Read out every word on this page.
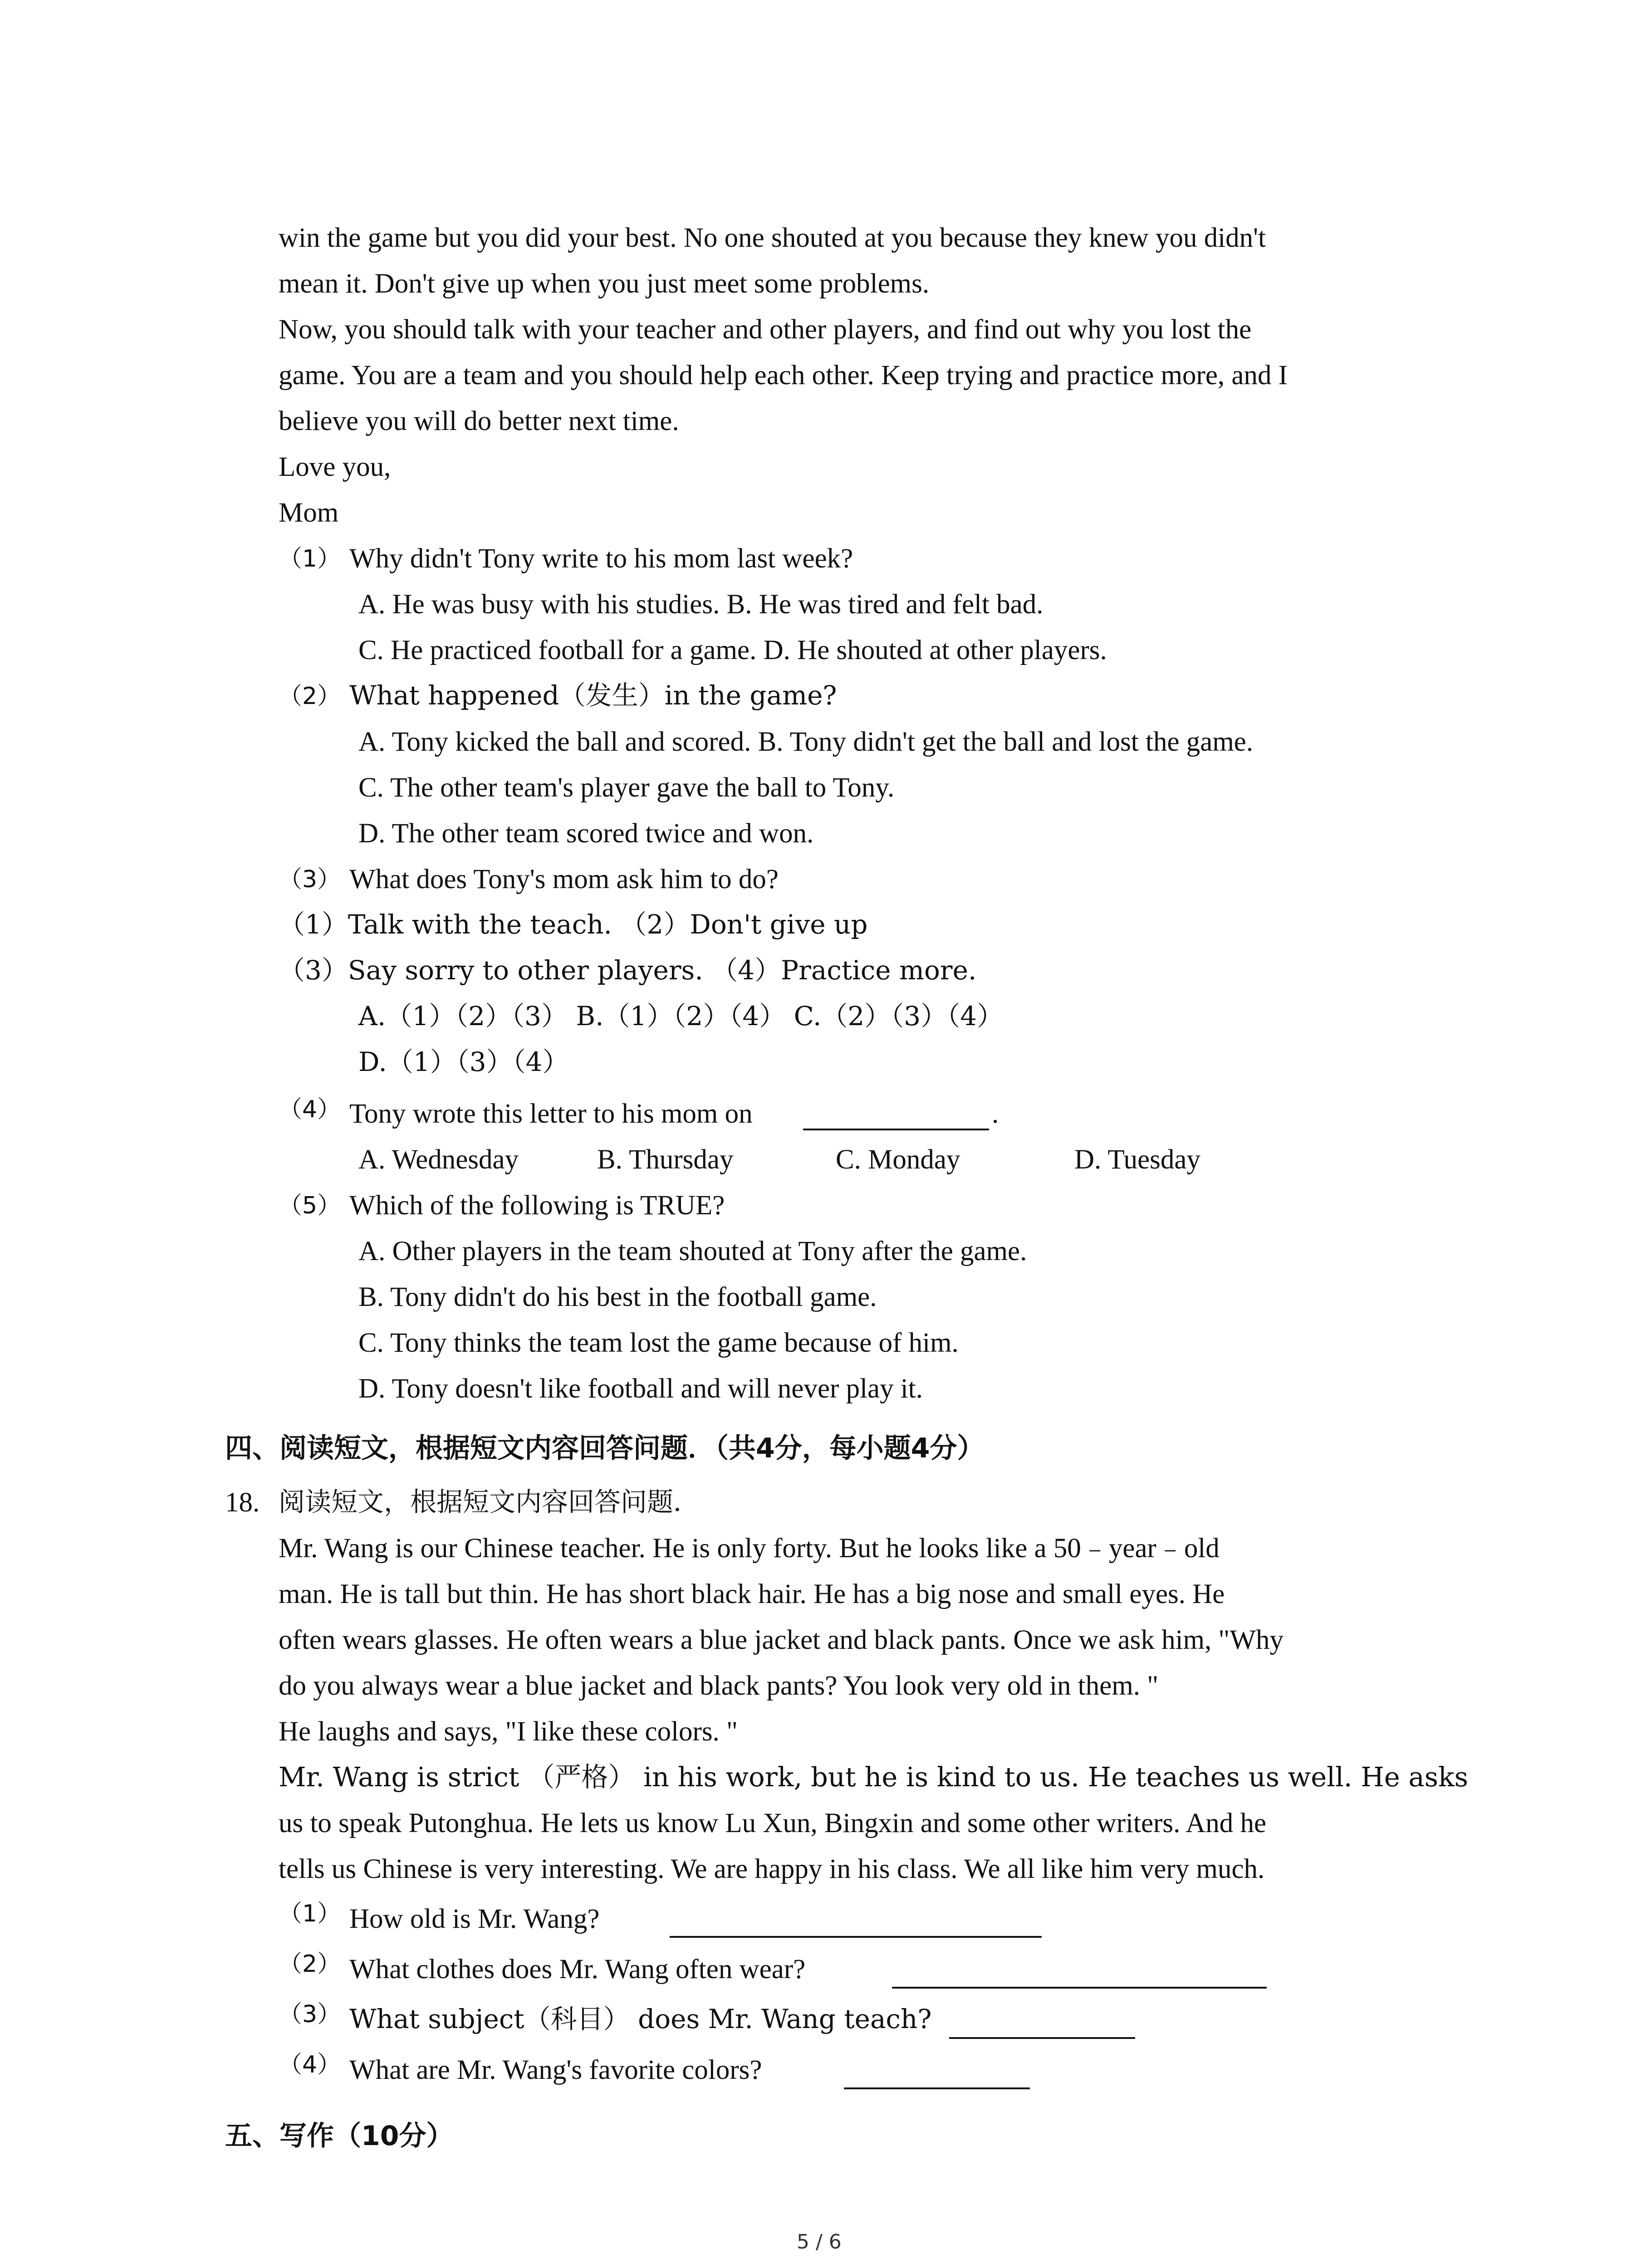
win the game but you did your best. No one shouted at you because they knew you didn't
mean it. Don't give up when you just meet some problems.
Now, you should talk with your teacher and other players, and find out why you lost the
game. You are a team and you should help each other. Keep trying and practice more, and I
believe you will do better next time.
Love you,
Mom
（1） Why didn't Tony write to his mom last week?
A. He was busy with his studies. B. He was tired and felt bad.
C. He practiced football for a game. D. He shouted at other players.
（2） What happened（发生）in the game?
A. Tony kicked the ball and scored. B. Tony didn't get the ball and lost the game.
C. The other team's player gave the ball to Tony.
D. The other team scored twice and won.
（3） What does Tony's mom ask him to do?
（1）Talk with the teach. （2）Don't give up
（3）Say sorry to other players. （4）Practice more.
A.（1）（2）（3） B.（1）（2）（4） C.（2）（3）（4）
D.（1）（3）（4）
（4） Tony wrote this letter to his mom on	.
A. Wednesday	B. Thursday	C. Monday	D. Tuesday
（5） Which of the following is TRUE?
A. Other players in the team shouted at Tony after the game.
B. Tony didn't do his best in the football game.
C. Tony thinks the team lost the game because of him.
D. Tony doesn't like football and will never play it.
四、阅读短文，根据短文内容回答问题．（共4分，每小题4分）
18. 阅读短文，根据短文内容回答问题．
Mr. Wang is our Chinese teacher. He is only forty. But he looks like a 50﹣year﹣old
man. He is tall but thin. He has short black hair. He has a big nose and small eyes. He
often wears glasses. He often wears a blue jacket and black pants. Once we ask him, "Why
do you always wear a blue jacket and black pants? You look very old in them. "
He laughs and says, "I like these colors. "
Mr. Wang is strict （严格） in his work, but he is kind to us. He teaches us well. He asks
us to speak Putonghua. He lets us know Lu Xun, Bingxin and some other writers. And he
tells us Chinese is very interesting. We are happy in his class. We all like him very much.
（1） How old is Mr. Wang?
（2） What clothes does Mr. Wang often wear?
（3） What subject（科目） does Mr. Wang teach?
（4） What are Mr. Wang's favorite colors?
五、写作（10分）
5 / 6
